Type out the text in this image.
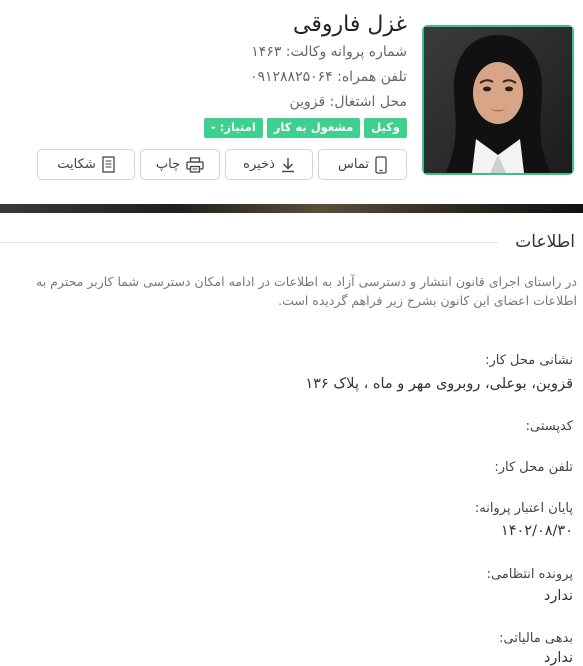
غزل فاروقی
شماره پروانه وکالت: ۱۴۶۳
تلفن همراه: ۰۹۱۲۸۸۲۵۰۶۴
محل اشتغال: قزوین
وکیل
مشغول به کار
امتیاز: -
تماس
ذخیره
چاپ
شکایت
اطلاعات
در راستای اجرای قانون انتشار و دسترسی آزاد به اطلاعات در ادامه امکان دسترسی شما کاربر محترم به اطلاعات اعضای این کانون بشرح زیر فراهم گردیده است.
نشانی محل کار:
قزوین، بوعلی، روبروی مهر و ماه ، پلاک ۱۳۶
کدپستی:
تلفن محل کار:
پایان اعتبار پروانه:
۱۴۰۲/۰۸/۳۰
پرونده انتظامی:
ندارد
بدهی مالیاتی:
ندارد
